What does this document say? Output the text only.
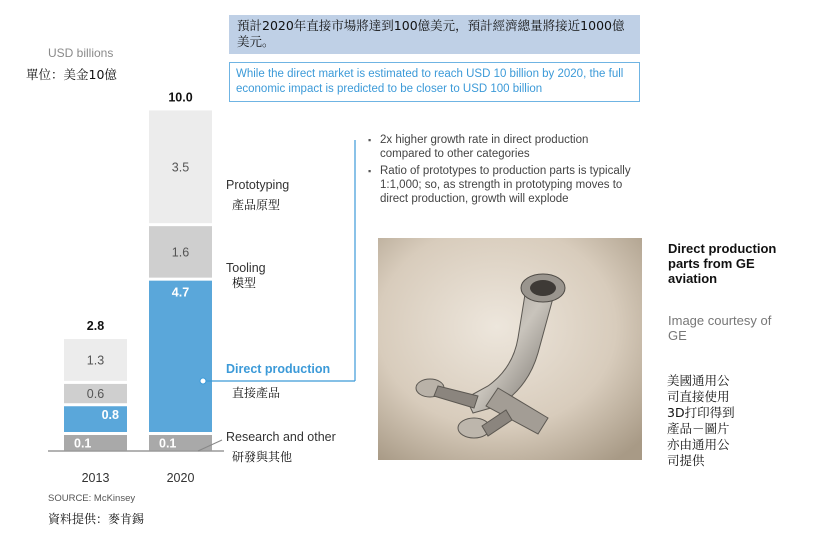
USD billions
單位：美金10億
預計2020年直接市場將達到100億美元，預計經濟總量將接近1000億美元。
While the direct market is estimated to reach USD 10 billion by 2020, the full economic impact is predicted to be closer to USD 100 billion
0.1
0.8
0.6
1.3
2.8
2013
0.1
4.7
1.6
3.5
10.0
2020
Prototyping
產品原型
Tooling
模型
Direct production
直接產品
Research and other
研發與其他
▪ 2x higher growth rate in direct production compared to other categories
▪ Ratio of prototypes to production parts is typically 1:1,000; so, as strength in prototyping moves to direct production, growth will explode
Direct production parts from GE aviation
Image courtesy of GE
美國通用公司直接使用3D打印得到產品－圖片亦由通用公司提供
SOURCE: McKinsey
資料提供：麥肯錫
